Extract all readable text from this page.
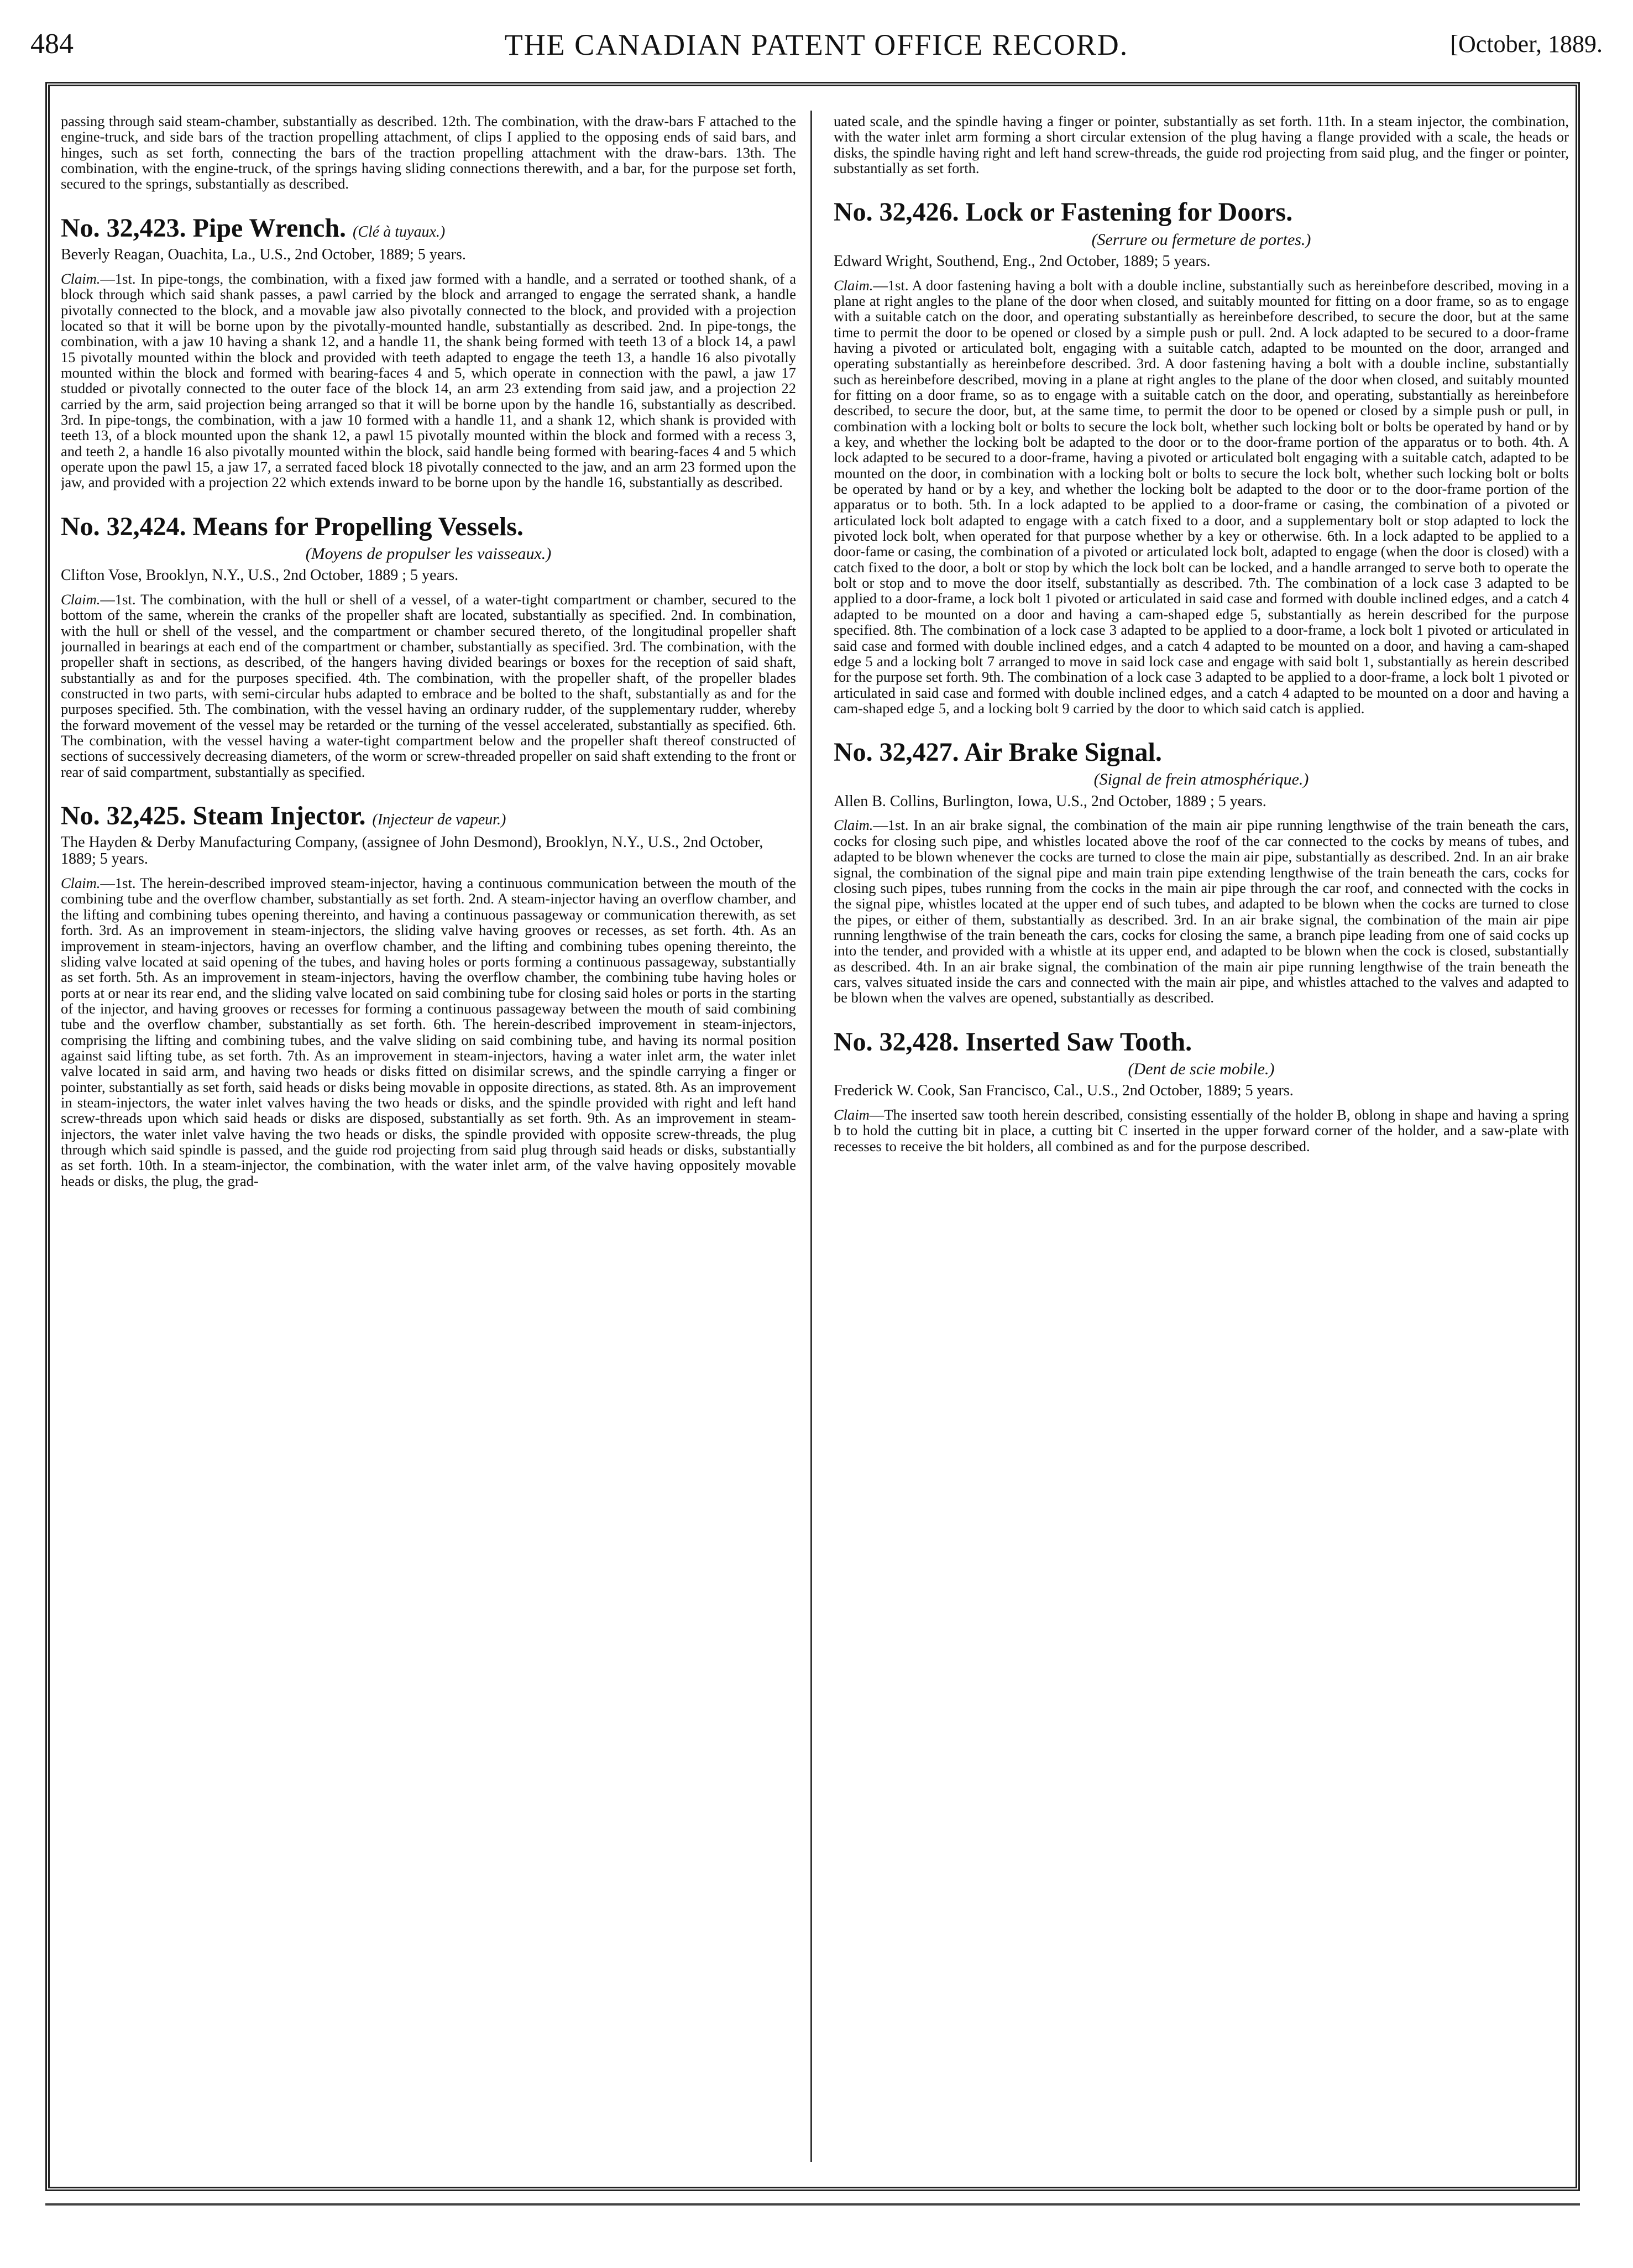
484	THE CANADIAN PATENT OFFICE RECORD.	[October, 1889.

passing through said steam-chamber, substantially as described. 12th. The combination, with the draw-bars F attached to the engine-truck, and side bars of the traction propelling attachment, of clips I applied to the opposing ends of said bars, and hinges, such as set forth, connecting the bars of the traction propelling attachment with the draw-bars. 13th. The combination, with the engine-truck, of the springs having sliding connections therewith, and a bar, for the purpose set forth, secured to the springs, substantially as described.

No. 32,423. Pipe Wrench. (Clé à tuyaux.)
Beverly Reagan, Ouachita, La., U.S., 2nd October, 1889; 5 years.

Claim.—1st. In pipe-tongs, the combination, with a fixed jaw formed with a handle, and a serrated or toothed shank, of a block through which said shank passes, a pawl carried by the block and arranged to engage the serrated shank, a handle pivotally connected to the block, and a movable jaw also pivotally connected to the block, and provided with a projection located so that it will be borne upon by the pivotally-mounted handle, substantially as described. 2nd. In pipe-tongs, the combination, with a jaw 10 having a shank 12, and a handle 11, the shank being formed with teeth 13 of a block 14, a pawl 15 pivotally mounted within the block and provided with teeth adapted to engage the teeth 13, a handle 16 also pivotally mounted within the block and formed with bearing-faces 4 and 5, which operate in connection with the pawl, a jaw 17 studded or pivotally connected to the outer face of the block 14, an arm 23 extending from said jaw, and a projection 22 carried by the arm, said projection being arranged so that it will be borne upon by the handle 16, substantially as described. 3rd. In pipe-tongs, the combination, with a jaw 10 formed with a handle 11, and a shank 12, which shank is provided with teeth 13, of a block mounted upon the shank 12, a pawl 15 pivotally mounted within the block and formed with a recess 3, and teeth 2, a handle 16 also pivotally mounted within the block, said handle being formed with bearing-faces 4 and 5 which operate upon the pawl 15, a jaw 17, a serrated faced block 18 pivotally connected to the jaw, and an arm 23 formed upon the jaw, and provided with a projection 22 which extends inward to be borne upon by the handle 16, substantially as described.

No. 32,424. Means for Propelling Vessels.
(Moyens de propulser les vaisseaux.)
Clifton Vose, Brooklyn, N.Y., U.S., 2nd October, 1889 ; 5 years.

Claim.—1st. The combination, with the hull or shell of a vessel, of a water-tight compartment or chamber, secured to the bottom of the same, wherein the cranks of the propeller shaft are located, substantially as specified. 2nd. In combination, with the hull or shell of the vessel, and the compartment or chamber secured thereto, of the longitudinal propeller shaft journalled in bearings at each end of the compartment or chamber, substantially as specified. 3rd. The combination, with the propeller shaft in sections, as described, of the hangers having divided bearings or boxes for the reception of said shaft, substantially as and for the purposes specified. 4th. The combination, with the propeller shaft, of the propeller blades constructed in two parts, with semi-circular hubs adapted to embrace and be bolted to the shaft, substantially as and for the purposes specified. 5th. The combination, with the vessel having an ordinary rudder, of the supplementary rudder, whereby the forward movement of the vessel may be retarded or the turning of the vessel accelerated, substantially as specified. 6th. The combination, with the vessel having a water-tight compartment below and the propeller shaft thereof constructed of sections of successively decreasing diameters, of the worm or screw-threaded propeller on said shaft extending to the front or rear of said compartment, substantially as specified.

No. 32,425. Steam Injector. (Injecteur de vapeur.)
The Hayden & Derby Manufacturing Company, (assignee of John Desmond), Brooklyn, N.Y., U.S., 2nd October, 1889; 5 years.

Claim.—1st. The herein-described improved steam-injector, having a continuous communication between the mouth of the combining tube and the overflow chamber, substantially as set forth. 2nd. A steam-injector having an overflow chamber, and the lifting and combining tubes opening thereinto, and having a continuous passageway or communication therewith, as set forth. 3rd. As an improvement in steam-injectors, the sliding valve having grooves or recesses, as set forth. 4th. As an improvement in steam-injectors, having an overflow chamber, and the lifting and combining tubes opening thereinto, the sliding valve located at said opening of the tubes, and having holes or ports forming a continuous passageway, substantially as set forth. 5th. As an improvement in steam-injectors, having the overflow chamber, the combining tube having holes or ports at or near its rear end, and the sliding valve located on said combining tube for closing said holes or ports in the starting of the injector, and having grooves or recesses for forming a continuous passageway between the mouth of said combining tube and the overflow chamber, substantially as set forth. 6th. The herein-described improvement in steam-injectors, comprising the lifting and combining tubes, and the valve sliding on said combining tube, and having its normal position against said lifting tube, as set forth. 7th. As an improvement in steam-injectors, having a water inlet arm, the water inlet valve located in said arm, and having two heads or disks fitted on disimilar screws, and the spindle carrying a finger or pointer, substantially as set forth, said heads or disks being movable in opposite directions, as stated. 8th. As an improvement in steam-injectors, the water inlet valves having the two heads or disks, and the spindle provided with right and left hand screw-threads upon which said heads or disks are disposed, substantially as set forth. 9th. As an improvement in steam-injectors, the water inlet valve having the two heads or disks, the spindle provided with opposite screw-threads, the plug through which said spindle is passed, and the guide rod projecting from said plug through said heads or disks, substantially as set forth. 10th. In a steam-injector, the combination, with the water inlet arm, of the valve having oppositely movable heads or disks, the plug, the grad-

uated scale, and the spindle having a finger or pointer, substantially as set forth. 11th. In a steam injector, the combination, with the water inlet arm forming a short circular extension of the plug having a flange provided with a scale, the heads or disks, the spindle having right and left hand screw-threads, the guide rod projecting from said plug, and the finger or pointer, substantially as set forth.

No. 32,426. Lock or Fastening for Doors.
(Serrure ou fermeture de portes.)
Edward Wright, Southend, Eng., 2nd October, 1889; 5 years.

Claim.—1st. A door fastening having a bolt with a double incline, substantially such as hereinbefore described, moving in a plane at right angles to the plane of the door when closed, and suitably mounted for fitting on a door frame, so as to engage with a suitable catch on the door, and operating substantially as hereinbefore described, to secure the door, but at the same time to permit the door to be opened or closed by a simple push or pull. 2nd. A lock adapted to be secured to a door-frame having a pivoted or articulated bolt, engaging with a suitable catch, adapted to be mounted on the door, arranged and operating substantially as hereinbefore described. 3rd. A door fastening having a bolt with a double incline, substantially such as hereinbefore described, moving in a plane at right angles to the plane of the door when closed, and suitably mounted for fitting on a door frame, so as to engage with a suitable catch on the door, and operating, substantially as hereinbefore described, to secure the door, but, at the same time, to permit the door to be opened or closed by a simple push or pull, in combination with a locking bolt or bolts to secure the lock bolt, whether such locking bolt or bolts be operated by hand or by a key, and whether the locking bolt be adapted to the door or to the door-frame portion of the apparatus or to both. 4th. A lock adapted to be secured to a door-frame, having a pivoted or articulated bolt engaging with a suitable catch, adapted to be mounted on the door, in combination with a locking bolt or bolts to secure the lock bolt, whether such locking bolt or bolts be operated by hand or by a key, and whether the locking bolt be adapted to the door or to the door-frame portion of the apparatus or to both. 5th. In a lock adapted to be applied to a door-frame or casing, the combination of a pivoted or articulated lock bolt adapted to engage with a catch fixed to a door, and a supplementary bolt or stop adapted to lock the pivoted lock bolt, when operated for that purpose whether by a key or otherwise. 6th. In a lock adapted to be applied to a door-fame or casing, the combination of a pivoted or articulated lock bolt, adapted to engage (when the door is closed) with a catch fixed to the door, a bolt or stop by which the lock bolt can be locked, and a handle arranged to serve both to operate the bolt or stop and to move the door itself, substantially as described. 7th. The combination of a lock case 3 adapted to be applied to a door-frame, a lock bolt 1 pivoted or articulated in said case and formed with double inclined edges, and a catch 4 adapted to be mounted on a door and having a cam-shaped edge 5, substantially as herein described for the purpose specified. 8th. The combination of a lock case 3 adapted to be applied to a door-frame, a lock bolt 1 pivoted or articulated in said case and formed with double inclined edges, and a catch 4 adapted to be mounted on a door, and having a cam-shaped edge 5 and a locking bolt 7 arranged to move in said lock case and engage with said bolt 1, substantially as herein described for the purpose set forth. 9th. The combination of a lock case 3 adapted to be applied to a door-frame, a lock bolt 1 pivoted or articulated in said case and formed with double inclined edges, and a catch 4 adapted to be mounted on a door and having a cam-shaped edge 5, and a locking bolt 9 carried by the door to which said catch is applied.

No. 32,427. Air Brake Signal.
(Signal de frein atmosphérique.)
Allen B. Collins, Burlington, Iowa, U.S., 2nd October, 1889 ; 5 years.

Claim.—1st. In an air brake signal, the combination of the main air pipe running lengthwise of the train beneath the cars, cocks for closing such pipe, and whistles located above the roof of the car connected to the cocks by means of tubes, and adapted to be blown whenever the cocks are turned to close the main air pipe, substantially as described. 2nd. In an air brake signal, the combination of the signal pipe and main train pipe extending lengthwise of the train beneath the cars, cocks for closing such pipes, tubes running from the cocks in the main air pipe through the car roof, and connected with the cocks in the signal pipe, whistles located at the upper end of such tubes, and adapted to be blown when the cocks are turned to close the pipes, or either of them, substantially as described. 3rd. In an air brake signal, the combination of the main air pipe running lengthwise of the train beneath the cars, cocks for closing the same, a branch pipe leading from one of said cocks up into the tender, and provided with a whistle at its upper end, and adapted to be blown when the cock is closed, substantially as described. 4th. In an air brake signal, the combination of the main air pipe running lengthwise of the train beneath the cars, valves situated inside the cars and connected with the main air pipe, and whistles attached to the valves and adapted to be blown when the valves are opened, substantially as described.

No. 32,428. Inserted Saw Tooth.
(Dent de scie mobile.)
Frederick W. Cook, San Francisco, Cal., U.S., 2nd October, 1889; 5 years.

Claim—The inserted saw tooth herein described, consisting essentially of the holder B, oblong in shape and having a spring b to hold the cutting bit in place, a cutting bit C inserted in the upper forward corner of the holder, and a saw-plate with recesses to receive the bit holders, all combined as and for the purpose described.
